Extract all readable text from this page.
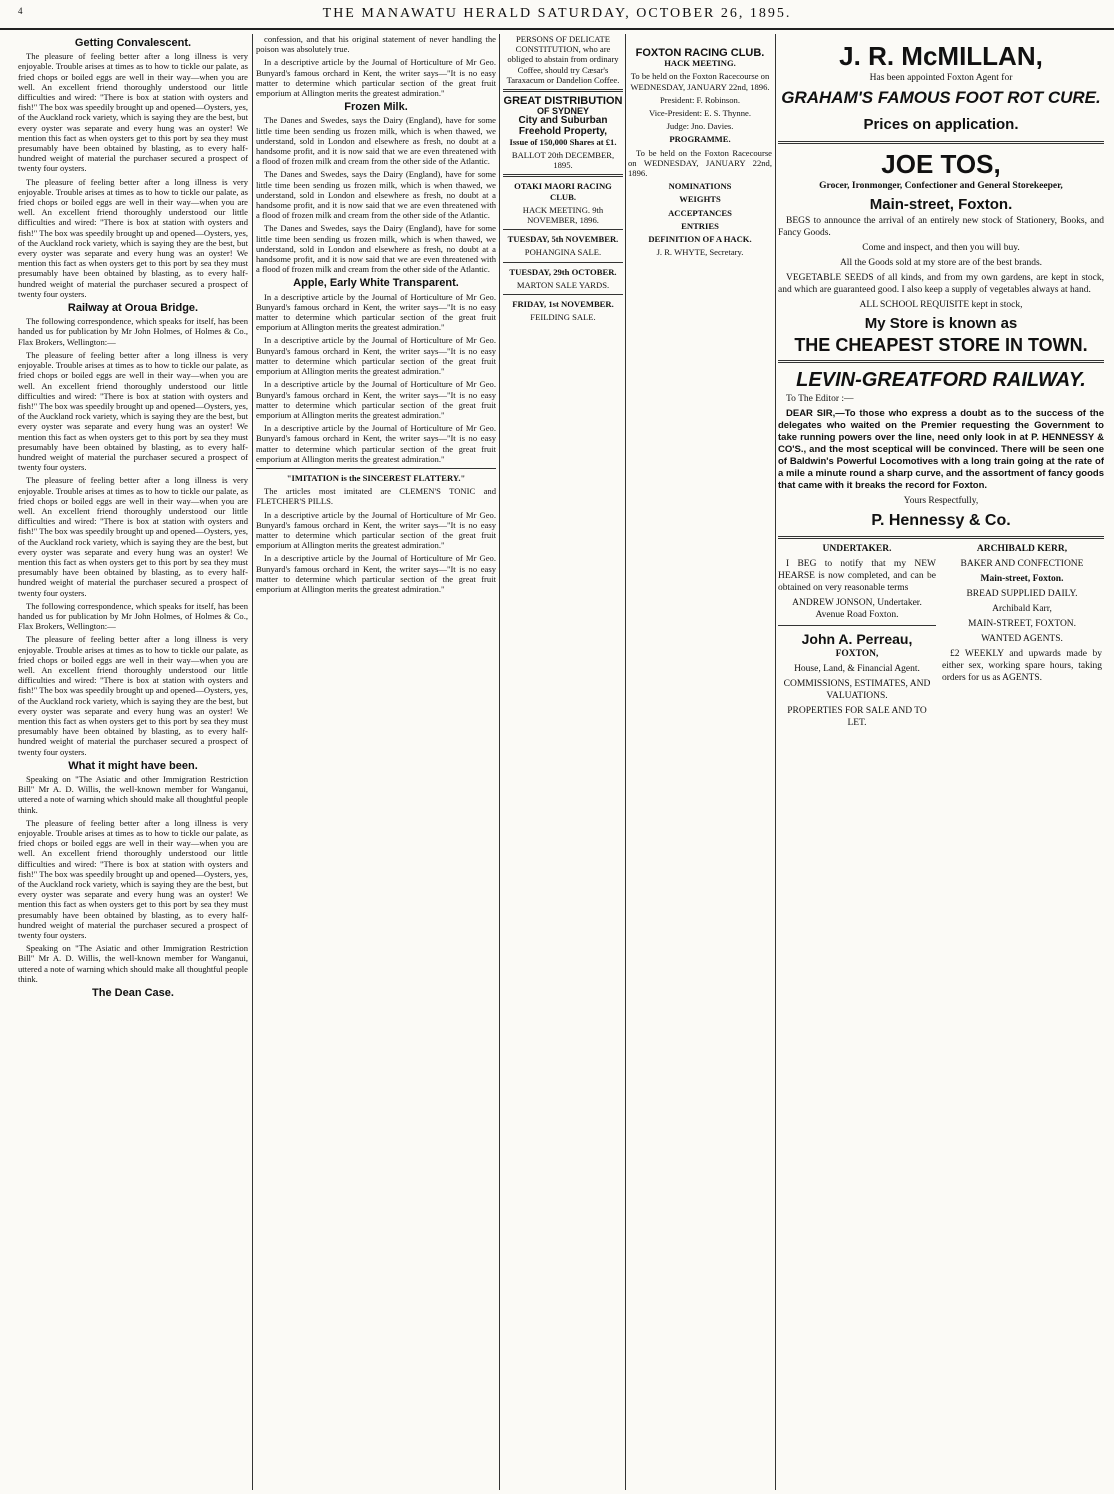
4	THE MANAWATU HERALD SATURDAY, OCTOBER 26, 1895.
Getting Convalescent.

The pleasure of feeling better after a long illness is very enjoyable. Trouble arises at times as to how to tickle our palate, as fried chops or boiled eggs are well in their way—when you are well. An excellent friend thoroughly understood our little difficulties and wired: "There is box at station with oysters and fish!" The box was speedily brought up and opened—Oysters, yes, of the Auckland rock variety, which is saying they are the best, but every oyster was separate and every hung was an oyster! We mention this fact as when oysters get to this port by sea they must presumably have been obtained by blasting, as to every half-hundred weight of material the purchaser secured a prospect of twenty four oysters.

The pleasure of feeling better after a long illness is very enjoyable. Trouble arises at times as to how to tickle our palate, as fried chops or boiled eggs are well in their way—when you are well. An excellent friend thoroughly understood our little difficulties and wired: "There is box at station with oysters and fish!" The box was speedily brought up and opened—Oysters, yes, of the Auckland rock variety, which is saying they are the best, but every oyster was separate and every hung was an oyster! We mention this fact as when oysters get to this port by sea they must presumably have been obtained by blasting, as to every half-hundred weight of material the purchaser secured a prospect of twenty four oysters.

Railway at Oroua Bridge.

The following correspondence, which speaks for itself, has been handed us for publication by Mr John Holmes, of Holmes & Co., Flax Brokers, Wellington:—

The pleasure of feeling better after a long illness is very enjoyable. Trouble arises at times as to how to tickle our palate, as fried chops or boiled eggs are well in their way—when you are well. An excellent friend thoroughly understood our little difficulties and wired: "There is box at station with oysters and fish!" The box was speedily brought up and opened—Oysters, yes, of the Auckland rock variety, which is saying they are the best, but every oyster was separate and every hung was an oyster! We mention this fact as when oysters get to this port by sea they must presumably have been obtained by blasting, as to every half-hundred weight of material the purchaser secured a prospect of twenty four oysters.

The pleasure of feeling better after a long illness is very enjoyable. Trouble arises at times as to how to tickle our palate, as fried chops or boiled eggs are well in their way—when you are well. An excellent friend thoroughly understood our little difficulties and wired: "There is box at station with oysters and fish!" The box was speedily brought up and opened—Oysters, yes, of the Auckland rock variety, which is saying they are the best, but every oyster was separate and every hung was an oyster! We mention this fact as when oysters get to this port by sea they must presumably have been obtained by blasting, as to every half-hundred weight of material the purchaser secured a prospect of twenty four oysters.

The following correspondence, which speaks for itself, has been handed us for publication by Mr John Holmes, of Holmes & Co., Flax Brokers, Wellington:—

The pleasure of feeling better after a long illness is very enjoyable. Trouble arises at times as to how to tickle our palate, as fried chops or boiled eggs are well in their way—when you are well. An excellent friend thoroughly understood our little difficulties and wired: "There is box at station with oysters and fish!" The box was speedily brought up and opened—Oysters, yes, of the Auckland rock variety, which is saying they are the best, but every oyster was separate and every hung was an oyster! We mention this fact as when oysters get to this port by sea they must presumably have been obtained by blasting, as to every half-hundred weight of material the purchaser secured a prospect of twenty four oysters.

What it might have been.

Speaking on "The Asiatic and other Immigration Restriction Bill" Mr A. D. Willis, the well-known member for Wanganui, uttered a note of warning which should make all thoughtful people think.

The pleasure of feeling better after a long illness is very enjoyable. Trouble arises at times as to how to tickle our palate, as fried chops or boiled eggs are well in their way—when you are well. An excellent friend thoroughly understood our little difficulties and wired: "There is box at station with oysters and fish!" The box was speedily brought up and opened—Oysters, yes, of the Auckland rock variety, which is saying they are the best, but every oyster was separate and every hung was an oyster! We mention this fact as when oysters get to this port by sea they must presumably have been obtained by blasting, as to every half-hundred weight of material the purchaser secured a prospect of twenty four oysters.

Speaking on "The Asiatic and other Immigration Restriction Bill" Mr A. D. Willis, the well-known member for Wanganui, uttered a note of warning which should make all thoughtful people think.

The Dean Case.

confession, and that his original statement of never handling the poison was absolutely true.

In a descriptive article by the Journal of Horticulture of Mr Geo. Bunyard's famous orchard in Kent, the writer says—"It is no easy matter to determine which particular section of the great fruit emporium at Allington merits the greatest admiration."

Frozen Milk.

The Danes and Swedes, says the Dairy (England), have for some little time been sending us frozen milk, which is when thawed, we understand, sold in London and elsewhere as fresh, no doubt at a handsome profit, and it is now said that we are even threatened with a flood of frozen milk and cream from the other side of the Atlantic.

The Danes and Swedes, says the Dairy (England), have for some little time been sending us frozen milk, which is when thawed, we understand, sold in London and elsewhere as fresh, no doubt at a handsome profit, and it is now said that we are even threatened with a flood of frozen milk and cream from the other side of the Atlantic.

The Danes and Swedes, says the Dairy (England), have for some little time been sending us frozen milk, which is when thawed, we understand, sold in London and elsewhere as fresh, no doubt at a handsome profit, and it is now said that we are even threatened with a flood of frozen milk and cream from the other side of the Atlantic.

Apple, Early White Transparent.

In a descriptive article by the Journal of Horticulture of Mr Geo. Bunyard's famous orchard in Kent, the writer says—"It is no easy matter to determine which particular section of the great fruit emporium at Allington merits the greatest admiration."

In a descriptive article by the Journal of Horticulture of Mr Geo. Bunyard's famous orchard in Kent, the writer says—"It is no easy matter to determine which particular section of the great fruit emporium at Allington merits the greatest admiration."

In a descriptive article by the Journal of Horticulture of Mr Geo. Bunyard's famous orchard in Kent, the writer says—"It is no easy matter to determine which particular section of the great fruit emporium at Allington merits the greatest admiration."

In a descriptive article by the Journal of Horticulture of Mr Geo. Bunyard's famous orchard in Kent, the writer says—"It is no easy matter to determine which particular section of the great fruit emporium at Allington merits the greatest admiration."

"IMITATION is the SINCEREST FLATTERY."

The articles most imitated are CLEMEN'S TONIC and FLETCHER'S PILLS.

In a descriptive article by the Journal of Horticulture of Mr Geo. Bunyard's famous orchard in Kent, the writer says—"It is no easy matter to determine which particular section of the great fruit emporium at Allington merits the greatest admiration."

In a descriptive article by the Journal of Horticulture of Mr Geo. Bunyard's famous orchard in Kent, the writer says—"It is no easy matter to determine which particular section of the great fruit emporium at Allington merits the greatest admiration."

PERSONS OF DELICATE CONSTITUTION, who are obliged to abstain from ordinary Coffee, should try Cæsar's Taraxacum or Dandelion Coffee.

GREAT DISTRIBUTION
OF SYDNEY
City and Suburban Freehold Property,

Issue of 150,000 Shares at £1.

BALLOT 20th DECEMBER, 1895.

OTAKI MAORI RACING CLUB.

HACK MEETING. 9th NOVEMBER, 1896.

TUESDAY, 5th NOVEMBER.

POHANGINA SALE.

TUESDAY, 29th OCTOBER.

MARTON SALE YARDS.

FRIDAY, 1st NOVEMBER.

FEILDING SALE.

FOXTON RACING CLUB.

HACK MEETING.

To be held on the Foxton Racecourse on WEDNESDAY, JANUARY 22nd, 1896.

President: F. Robinson.

Vice-President: E. S. Thynne.

Judge: Jno. Davies.

PROGRAMME.

To be held on the Foxton Racecourse on WEDNESDAY, JANUARY 22nd, 1896.

NOMINATIONS

WEIGHTS

ACCEPTANCES

ENTRIES

DEFINITION OF A HACK.

J. R. WHYTE, Secretary.

J. R. McMILLAN,

Has been appointed Foxton Agent for

GRAHAM'S FAMOUS FOOT ROT CURE.
Prices on application.
JOE TOS,

Grocer, Ironmonger, Confectioner and General Storekeeper,

Main-street, Foxton.

BEGS to announce the arrival of an entirely new stock of Stationery, Books, and Fancy Goods.

Come and inspect, and then you will buy.

All the Goods sold at my store are of the best brands.

VEGETABLE SEEDS of all kinds, and from my own gardens, are kept in stock, and which are guaranteed good. I also keep a supply of vegetables always at hand.

ALL SCHOOL REQUISITE kept in stock,

My Store is known as
THE CHEAPEST STORE IN TOWN.
LEVIN-GREATFORD RAILWAY.

To The Editor :—

DEAR SIR,—To those who express a doubt as to the success of the delegates who waited on the Premier requesting the Government to take running powers over the line, need only look in at P. HENNESSY & CO'S., and the most sceptical will be convinced. There will be seen one of Baldwin's Powerful Locomotives with a long train going at the rate of a mile a minute round a sharp curve, and the assortment of fancy goods that came with it breaks the record for Foxton.

Yours Respectfully,

P. Hennessy & Co.

UNDERTAKER.

I BEG to notify that my NEW HEARSE is now completed, and can be obtained on very reasonable terms

ANDREW JONSON, Undertaker. Avenue Road Foxton.

John A. Perreau,

FOXTON,

House, Land, & Financial Agent.

COMMISSIONS, ESTIMATES, AND VALUATIONS.

PROPERTIES FOR SALE AND TO LET.

ARCHIBALD KERR,

BAKER AND CONFECTIONE

Main-street, Foxton.

BREAD SUPPLIED DAILY.

Archibald Karr,

MAIN-STREET, FOXTON.

WANTED AGENTS.

£2 WEEKLY and upwards made by either sex, working spare hours, taking orders for us as AGENTS.
